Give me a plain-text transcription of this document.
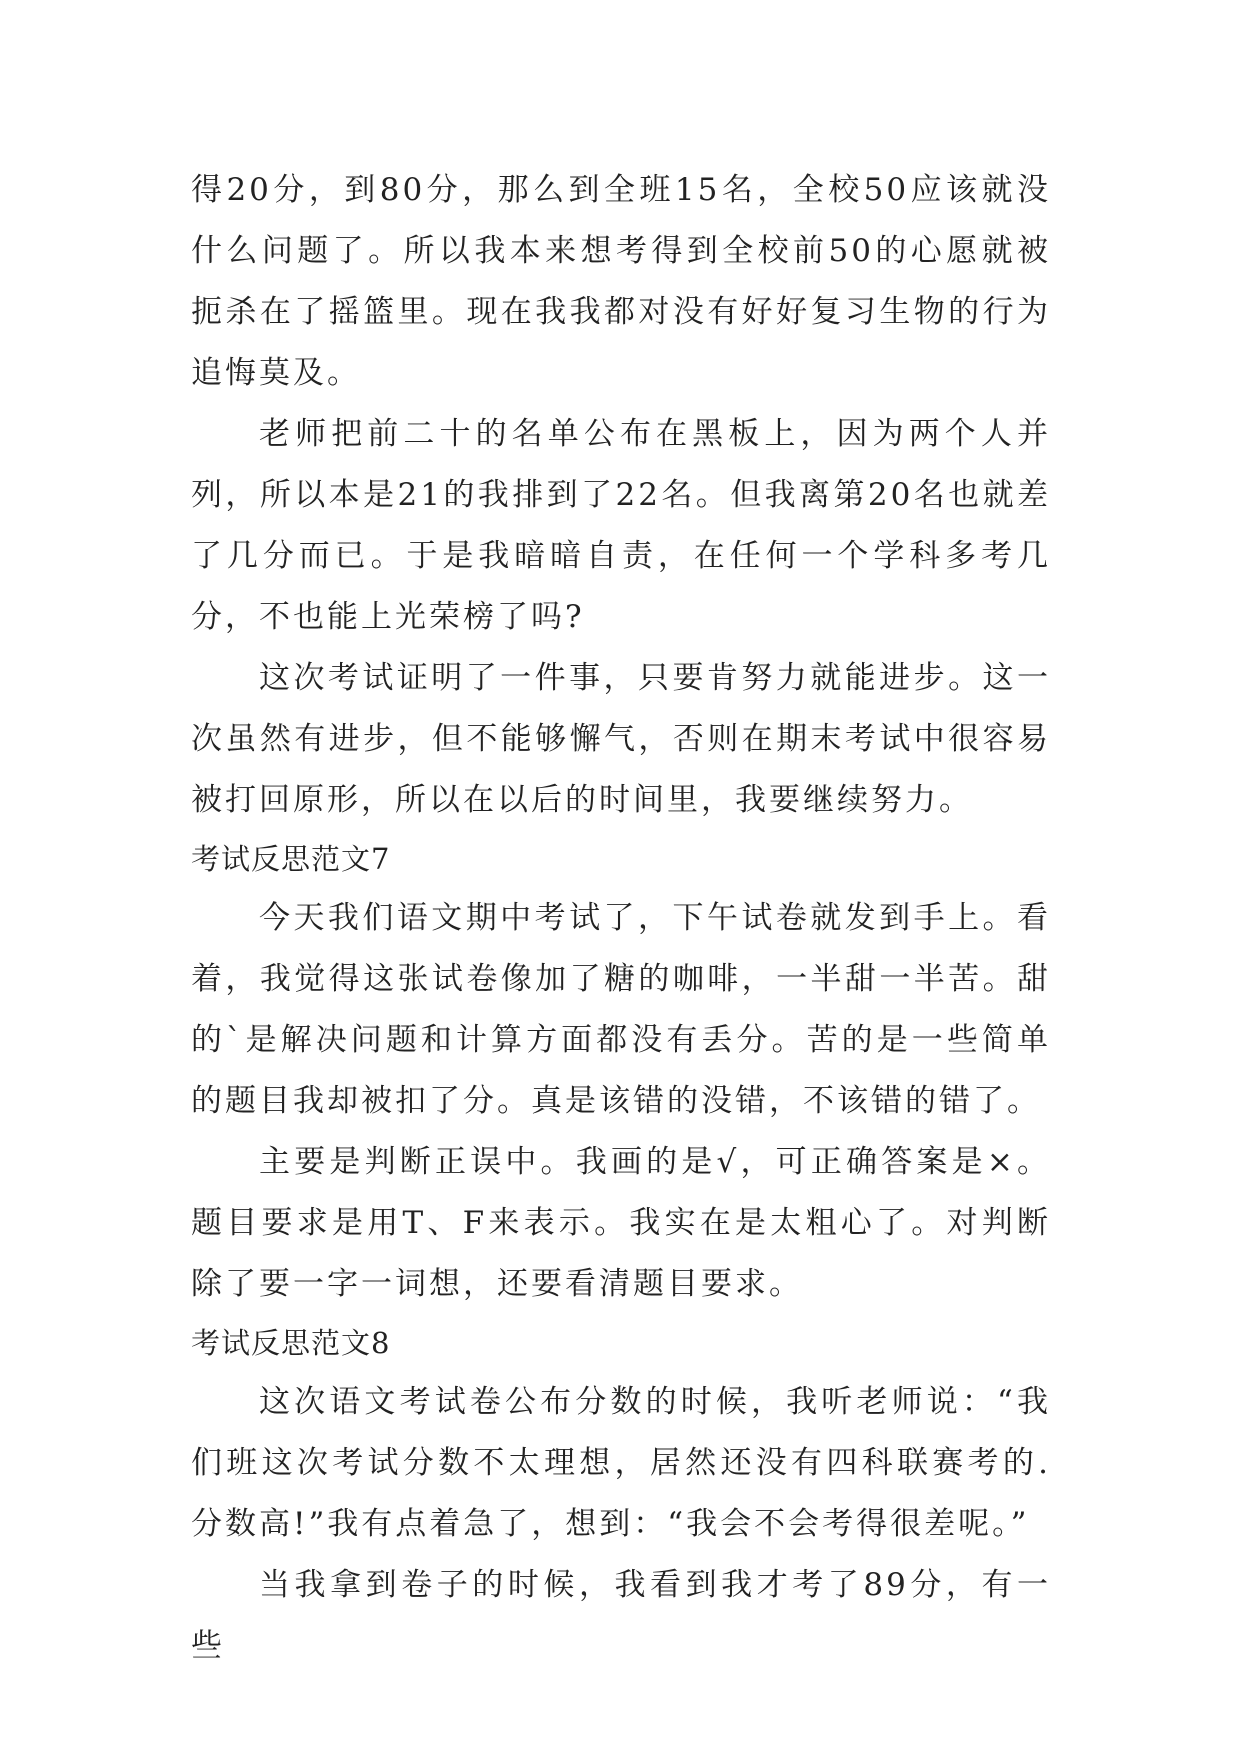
得20分，到80分，那么到全班15名，全校50应该就没什么问题了。所以我本来想考得到全校前50的心愿就被扼杀在了摇篮里。现在我我都对没有好好复习生物的行为追悔莫及。

老师把前二十的名单公布在黑板上，因为两个人并列，所以本是21的我排到了22名。但我离第20名也就差了几分而已。于是我暗暗自责，在任何一个学科多考几分，不也能上光荣榜了吗?

这次考试证明了一件事，只要肯努力就能进步。这一次虽然有进步，但不能够懈气，否则在期末考试中很容易被打回原形，所以在以后的时间里，我要继续努力。

考试反思范文7

今天我们语文期中考试了，下午试卷就发到手上。看着，我觉得这张试卷像加了糖的咖啡，一半甜一半苦。甜的`是解决问题和计算方面都没有丢分。苦的是一些简单的题目我却被扣了分。真是该错的没错，不该错的错了。

主要是判断正误中。我画的是√，可正确答案是×。题目要求是用T、F来表示。我实在是太粗心了。对判断除了要一字一词想，还要看清题目要求。

考试反思范文8

这次语文考试卷公布分数的时候，我听老师说：“我们班这次考试分数不太理想，居然还没有四科联赛考的.分数高!”我有点着急了，想到：“我会不会考得很差呢。”

当我拿到卷子的时候，我看到我才考了89分，有一些
